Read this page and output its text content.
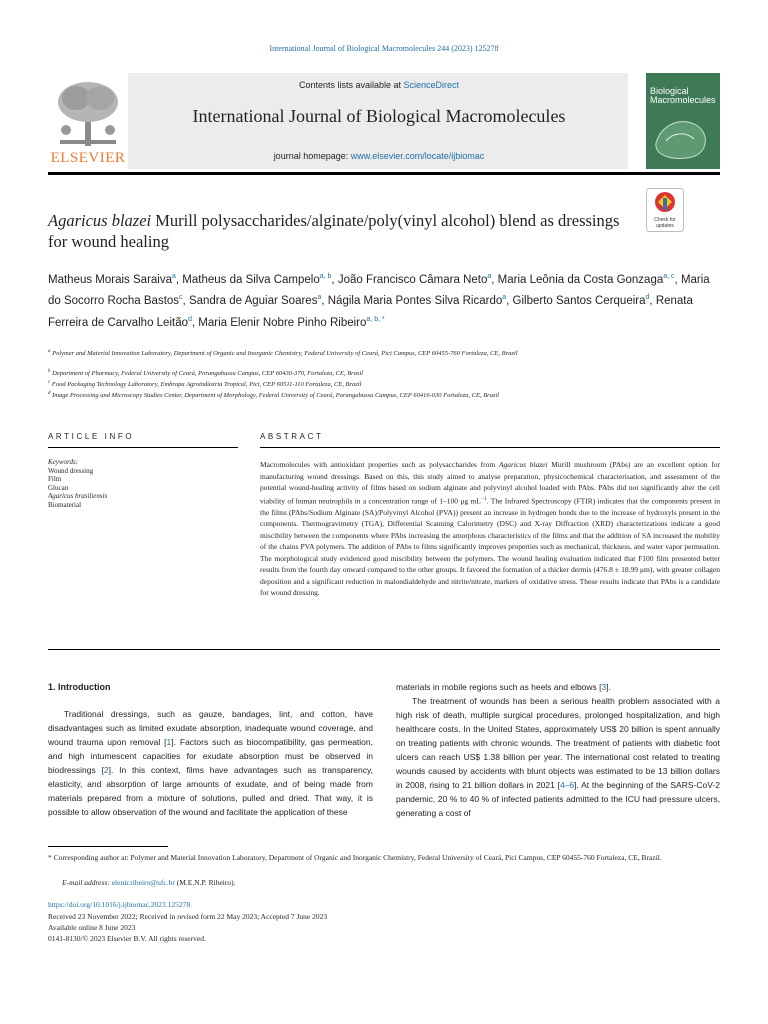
International Journal of Biological Macromolecules 244 (2023) 125278
ELSEVIER
Contents lists available at ScienceDirect
International Journal of Biological Macromolecules
journal homepage: www.elsevier.com/locate/ijbiomac
Biological Macromolecules
Check for
updates
Agaricus blazei Murill polysaccharides/alginate/poly(vinyl alcohol) blend as dressings for wound healing
Matheus Morais Saraiva$^a$, Matheus da Silva Campelo$^{a, b}$, João Francisco Câmara Neto$^a$, Maria Leônia da Costa Gonzaga$^{a, c}$, Maria do Socorro Rocha Bastos$^c$, Sandra de Aguiar Soares$^a$, Nágila Maria Pontes Silva Ricardo$^a$, Gilberto Santos Cerqueira$^d$, Renata Ferreira de Carvalho Leitão$^d$, Maria Elenir Nobre Pinho Ribeiro$^{a, b, *}$
$^a$ Polymer and Material Innovation Laboratory, Department of Organic and Inorganic Chemistry, Federal University of Ceará, Pici Campus, CEP 60455-760 Fortaleza, CE, Brazil
$^b$ Department of Pharmacy, Federal University of Ceará, Porangabussu Campus, CEP 60430-370, Fortaleza, CE, Brasil
$^c$ Food Packaging Technology Laboratory, Embrapa Agroindústria Tropical, Pici, CEP 60511-110 Fortaleza, CE, Brazil
$^d$ Image Processing and Microscopy Studies Center, Department of Morphology, Federal University of Ceará, Porangabussu Campus, CEP 60416-030 Fortaleza, CE, Brazil
ARTICLE INFO
Keywords:
Wound dressing
Film
Glucan
Agaricus brasiliensis
Biomaterial
ABSTRACT
Macromolecules with antioxidant properties such as polysaccharides from Agaricus blazei Murill mushroom (PAbs) are an excellent option for manufacturing wound dressings. Based on this, this study aimed to analyse preparation, physicochemical characterisation, and assessment of the potential wound-healing activity of films based on sodium alginate and polyvinyl alcohol loaded with PAbs. PAbs did not significantly alter the cell viability of human neutrophils in a concentration range of 1–100 μg $mL^{-1}$. The Infrared Spectroscopy (FTIR) indicates that the components present in the films (PAbs/Sodium Alginate (SA)/Polyvinyl Alcohol (PVA)) present an increase in hydrogen bonds due to the increase of hydroxyls present in the components. Thermogravimetry (TGA), Differential Scanning Calorimetry (DSC) and X-ray Diffraction (XRD) characterizations indicate a good miscibility between the components where PAbs increasing the amorphous characteristics of the films and that the addition of SA increased the mobility of the chains PVA polymers. The addition of PAbs to films significantly improves properties such as mechanical, thickness, and water vapor permeation. The morphological study evidenced good miscibility between the polymers. The wound healing evaluation indicated that F100 film presented better results from the fourth day onward compared to the other groups. It favored the formation of a thicker dermis (476.8 ± 18.99 μm), with greater collagen deposition and a significant reduction in malondialdehyde and nitrite/nitrate, markers of oxidative stress. These results indicate that PAbs is a candidate for wound dressing.
1. Introduction
Traditional dressings, such as gauze, bandages, lint, and cotton, have disadvantages such as limited exudate absorption, inadequate wound coverage, and wound trauma upon removal [1]. Factors such as biocompatibility, gas permeation, and high intumescent capacities for exudate absorption must be observed in biodressings [2]. In this context, films have advantages such as transparency, elasticity, and absorption of large amounts of exudate, and of being made from materials prepared from a mixture of solutions, pulled and dried. That way, it is possible to allow observation of the wound and facilitate the application of these
materials in mobile regions such as heels and elbows [3].
The treatment of wounds has been a serious health problem associated with a high risk of death, multiple surgical procedures, prolonged hospitalization, and high healthcare costs. In the United States, approximately US$ 20 billion is spent annually on treating patients with chronic wounds. The treatment of patients with diabetic foot ulcers can reach US$ 1.38 billion per year. The international cost related to treating wounds caused by accidents with blunt objects was estimated to be 13 billion dollars in 2008, rising to 21 billion dollars in 2021 [4–6]. At the beginning of the SARS-CoV-2 pandemic, 20 % to 40 % of infected patients admitted to the ICU had pressure ulcers, generating a cost of
* Corresponding author at: Polymer and Material Innovation Laboratory, Department of Organic and Inorganic Chemistry, Federal University of Ceará, Pici Campus, CEP 60455-760 Fortaleza, CE, Brazil.
E-mail address: elenir.ribeiro@ufc.br (M.E.N.P. Ribeiro).
https://doi.org/10.1016/j.ijbiomac.2023.125278
Received 23 November 2022; Received in revised form 22 May 2023; Accepted 7 June 2023
Available online 8 June 2023
0141-8130/© 2023 Elsevier B.V. All rights reserved.
